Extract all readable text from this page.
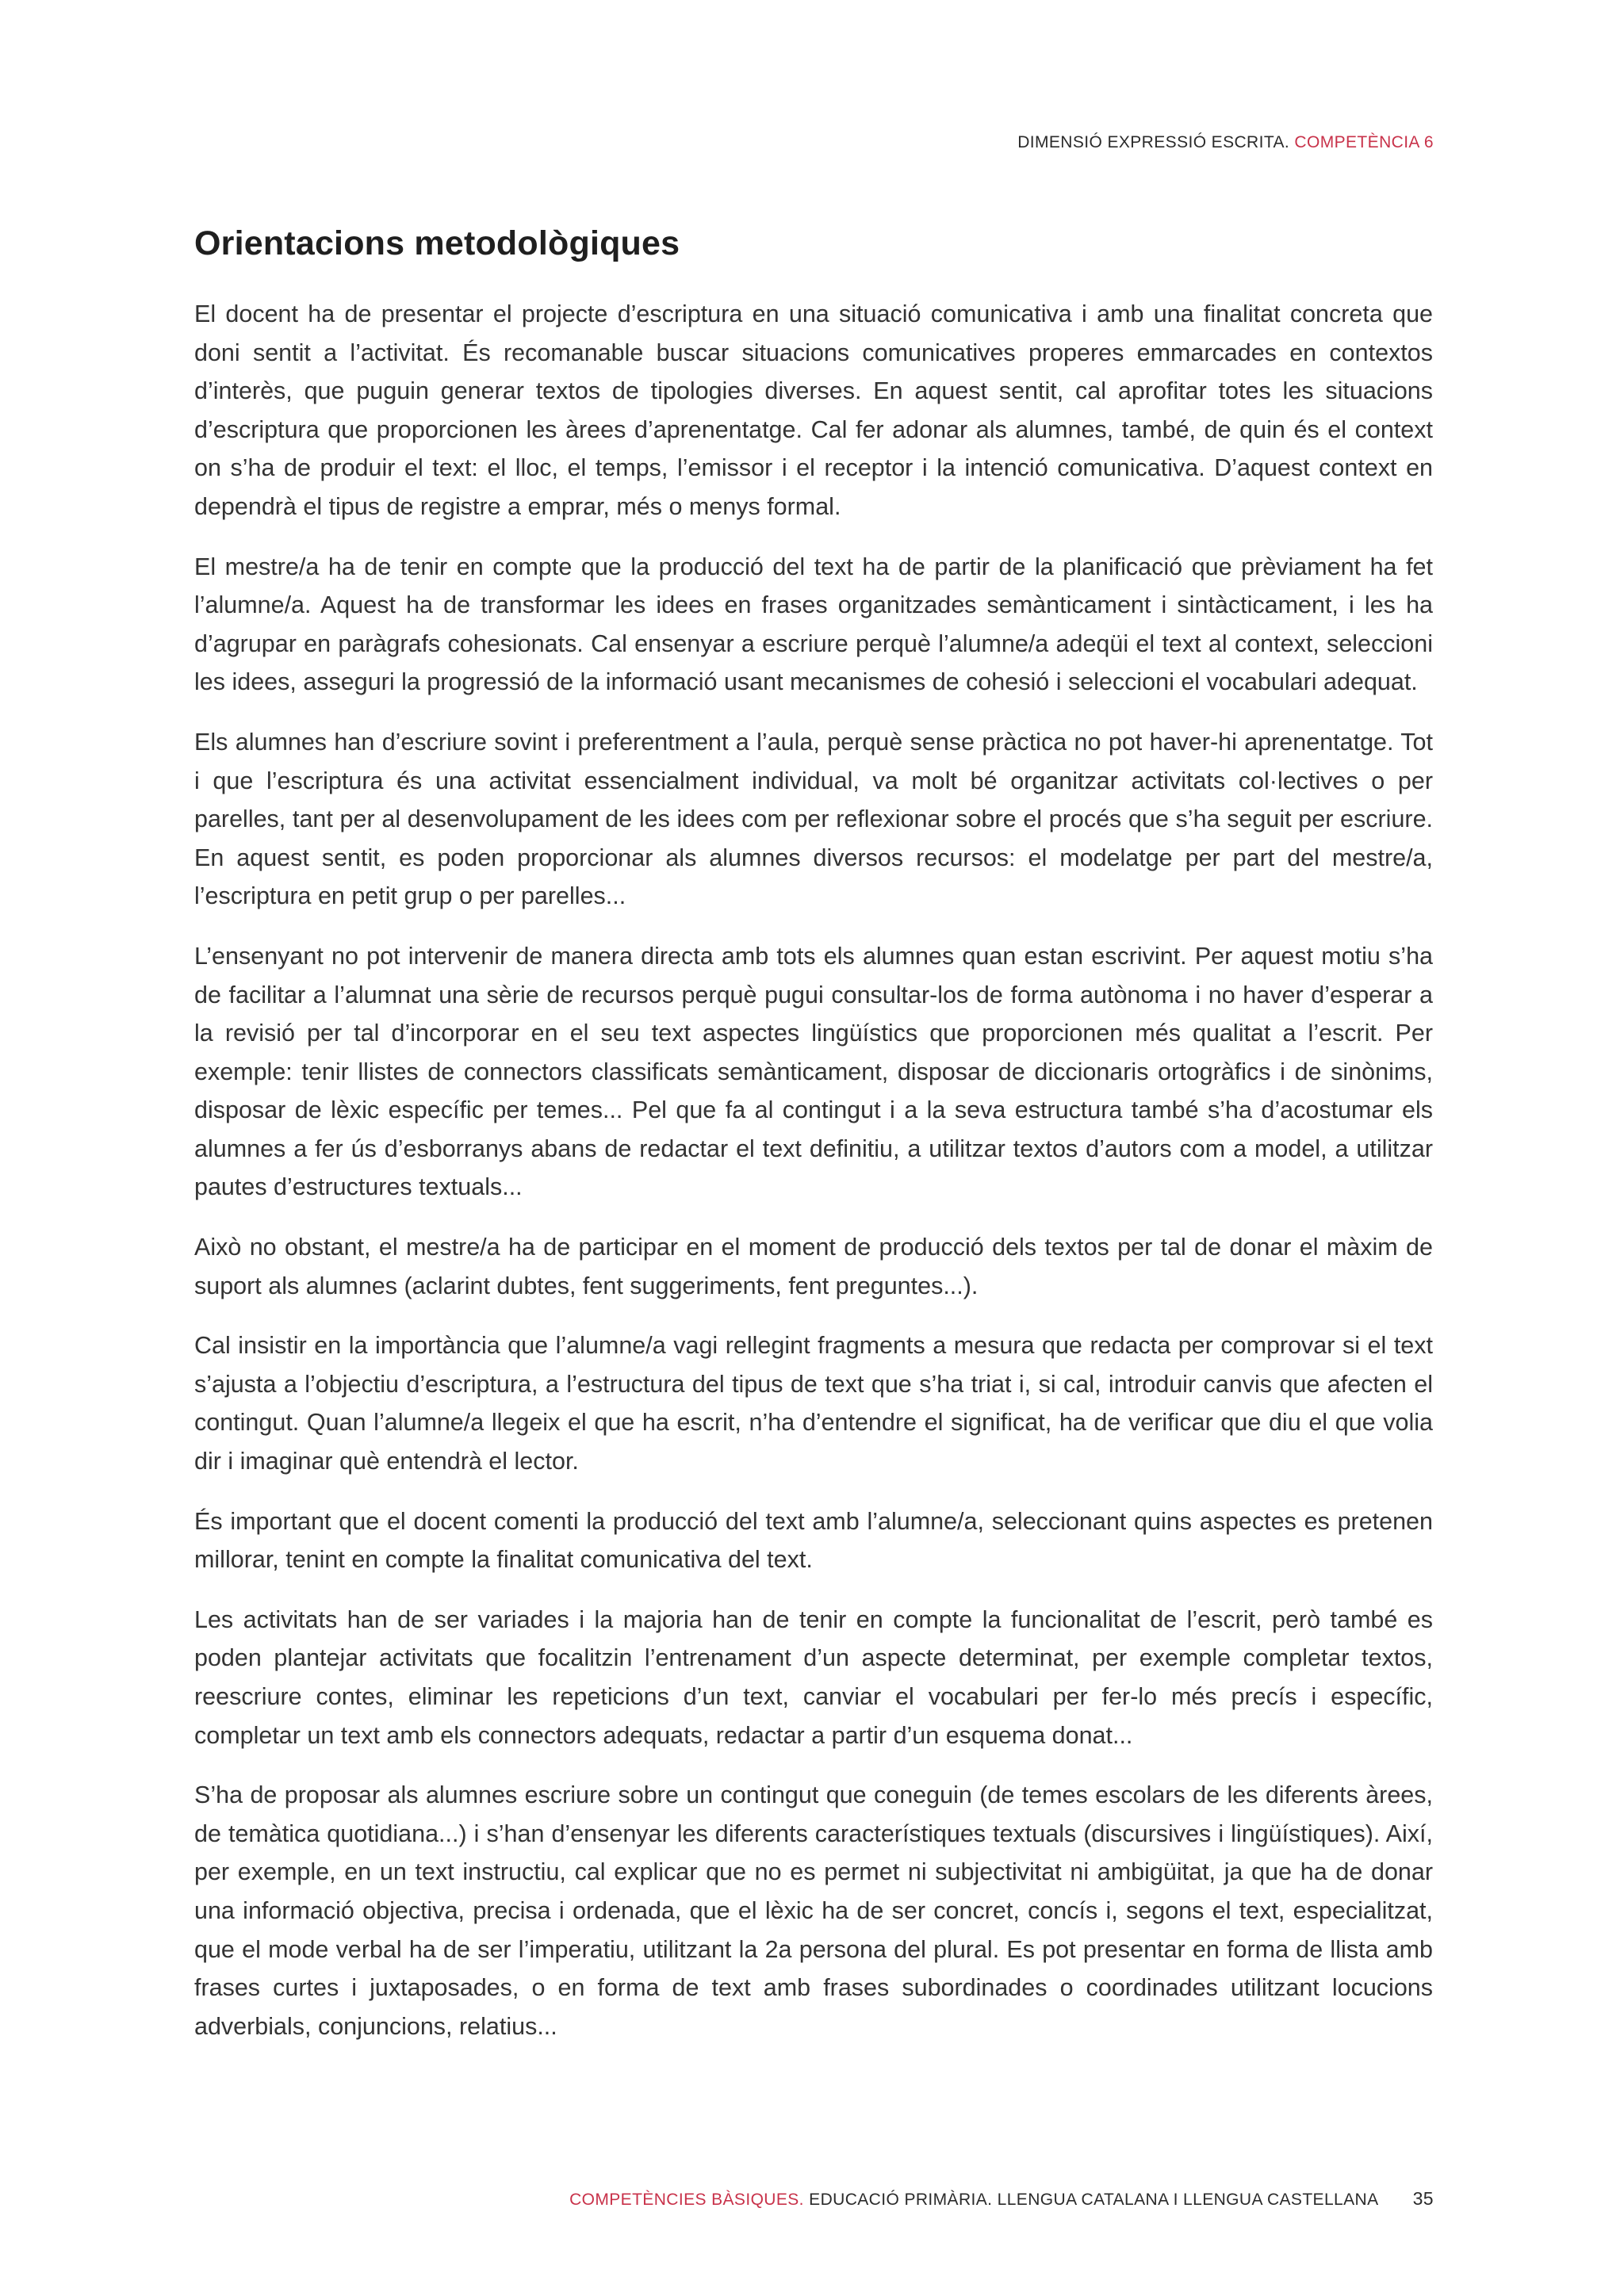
DIMENSIÓ EXPRESSIÓ ESCRITA. COMPETÈNCIA 6
Orientacions metodològiques

El docent ha de presentar el projecte d’escriptura en una situació comunicativa i amb una finalitat concreta que doni sentit a l’activitat. És recomanable buscar situacions comunicatives properes emmarcades en contextos d’interès, que puguin generar textos de tipologies diverses. En aquest sentit, cal aprofitar totes les situacions d’escriptura que proporcionen les àrees d’aprenentatge. Cal fer adonar als alumnes, també, de quin és el context on s’ha de produir el text: el lloc, el temps, l’emissor i el receptor i la intenció comunicativa. D’aquest context en dependrà el tipus de registre a emprar, més o menys formal.

El mestre/a ha de tenir en compte que la producció del text ha de partir de la planificació que prèviament ha fet l’alumne/a. Aquest ha de transformar les idees en frases organitzades semànticament i sintàcticament, i les ha d’agrupar en paràgrafs cohesionats. Cal ensenyar a escriure perquè l’alumne/a adeqüi el text al context, seleccioni les idees, asseguri la progressió de la informació usant mecanismes de cohesió i seleccioni el vocabulari adequat.

Els alumnes han d’escriure sovint i preferentment a l’aula, perquè sense pràctica no pot haver-hi aprenentatge. Tot i que l’escriptura és una activitat essencialment individual, va molt bé organitzar activitats col·lectives o per parelles, tant per al desenvolupament de les idees com per reflexionar sobre el procés que s’ha seguit per escriure. En aquest sentit, es poden proporcionar als alumnes diversos recursos: el modelatge per part del mestre/a, l’escriptura en petit grup o per parelles...

L’ensenyant no pot intervenir de manera directa amb tots els alumnes quan estan escrivint. Per aquest motiu s’ha de facilitar a l’alumnat una sèrie de recursos perquè pugui consultar-los de forma autònoma i no haver d’esperar a la revisió per tal d’incorporar en el seu text aspectes lingüístics que proporcionen més qualitat a l’escrit. Per exemple: tenir llistes de connectors classificats semànticament, disposar de diccionaris ortogràfics i de sinònims, disposar de lèxic específic per temes... Pel que fa al contingut i a la seva estructura també s’ha d’acostumar els alumnes a fer ús d’esborranys abans de redactar el text definitiu, a utilitzar textos d’autors com a model, a utilitzar pautes d’estructures textuals...

Això no obstant, el mestre/a ha de participar en el moment de producció dels textos per tal de donar el màxim de suport als alumnes (aclarint dubtes, fent suggeriments, fent preguntes...).

Cal insistir en la importància que l’alumne/a vagi rellegint fragments a mesura que redacta per comprovar si el text s’ajusta a l’objectiu d’escriptura, a l’estructura del tipus de text que s’ha triat i, si cal, introduir canvis que afecten el contingut. Quan l’alumne/a llegeix el que ha escrit, n’ha d’entendre el significat, ha de verificar que diu el que volia dir i imaginar què entendrà el lector.

És important que el docent comenti la producció del text amb l’alumne/a, seleccionant quins aspectes es pretenen millorar, tenint en compte la finalitat comunicativa del text.

Les activitats han de ser variades i la majoria han de tenir en compte la funcionalitat de l’escrit, però també es poden plantejar activitats que focalitzin l’entrenament d’un aspecte determinat, per exemple completar textos, reescriure contes, eliminar les repeticions d’un text, canviar el vocabulari per fer-lo més precís i específic, completar un text amb els connectors adequats, redactar a partir d’un esquema donat...

S’ha de proposar als alumnes escriure sobre un contingut que coneguin (de temes escolars de les diferents àrees, de temàtica quotidiana...) i s’han d’ensenyar les diferents característiques textuals (discursives i lingüístiques). Així, per exemple, en un text instructiu, cal explicar que no es permet ni subjectivitat ni ambigüitat, ja que ha de donar una informació objectiva, precisa i ordenada, que el lèxic ha de ser concret, concís i, segons el text, especialitzat, que el mode verbal ha de ser l’imperatiu, utilitzant la 2a persona del plural. Es pot presentar en forma de llista amb frases curtes i juxtaposades, o en forma de text amb frases subordinades o coordinades utilitzant locucions adverbials, conjuncions, relatius...

COMPETÈNCIES BÀSIQUES. EDUCACIÓ PRIMÀRIA. LLENGUA CATALANA I LLENGUA CASTELLANA 35
